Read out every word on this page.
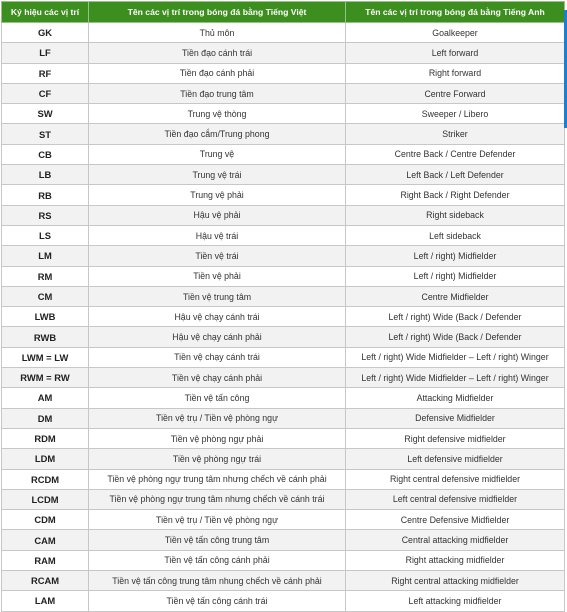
Ký hiệu các vị trí	Tên các vị trí trong bóng đá bằng Tiếng Việt	Tên các vị trí trong bóng đá bằng Tiếng Anh
GK	Thủ môn	Goalkeeper
LF	Tiền đạo cánh trái	Left forward
RF	Tiền đạo cánh phải	Right forward
CF	Tiền đạo trung tâm	Centre Forward
SW	Trung vệ thòng	Sweeper / Libero
ST	Tiền đạo cắm/Trung phong	Striker
CB	Trung vệ	Centre Back / Centre Defender
LB	Trung vệ trái	Left Back / Left Defender
RB	Trung vệ phải	Right Back / Right Defender
RS	Hậu vệ phải	Right sideback
LS	Hậu vệ trái	Left sideback
LM	Tiền vệ trái	Left / right) Midfielder
RM	Tiền vệ phải	Left / right) Midfielder
CM	Tiền vệ trung tâm	Centre Midfielder
LWB	Hậu vệ chạy cánh trái	Left / right) Wide (Back / Defender
RWB	Hậu vệ chạy cánh phải	Left / right) Wide (Back / Defender
LWM = LW	Tiền vệ chạy cánh trái	Left / right) Wide Midfielder – Left / right) Winger
RWM = RW	Tiền vệ chạy cánh phải	Left / right) Wide Midfielder – Left / right) Winger
AM	Tiền vệ tấn công	Attacking Midfielder
DM	Tiền vệ trụ / Tiền vệ phòng ngự	Defensive Midfielder
RDM	Tiền vệ phòng ngự phải	Right defensive midfielder
LDM	Tiền vệ phòng ngự trái	Left defensive midfielder
RCDM	Tiền vệ phòng ngự trung tâm nhưng chếch về cánh phải	Right central defensive midfielder
LCDM	Tiền vệ phòng ngự trung tâm nhưng chếch về cánh trái	Left central defensive midfielder
CDM	Tiền vệ trụ / Tiền vệ phòng ngự	Centre Defensive Midfielder
CAM	Tiền vệ tấn công trung tâm	Central attacking midfielder
RAM	Tiền vệ tấn công cánh phải	Right attacking midfielder
RCAM	Tiền vệ tấn công trung tâm nhung chếch về cánh phải	Right central attacking midfielder
LAM	Tiền vệ tấn công cánh trái	Left attacking midfielder
